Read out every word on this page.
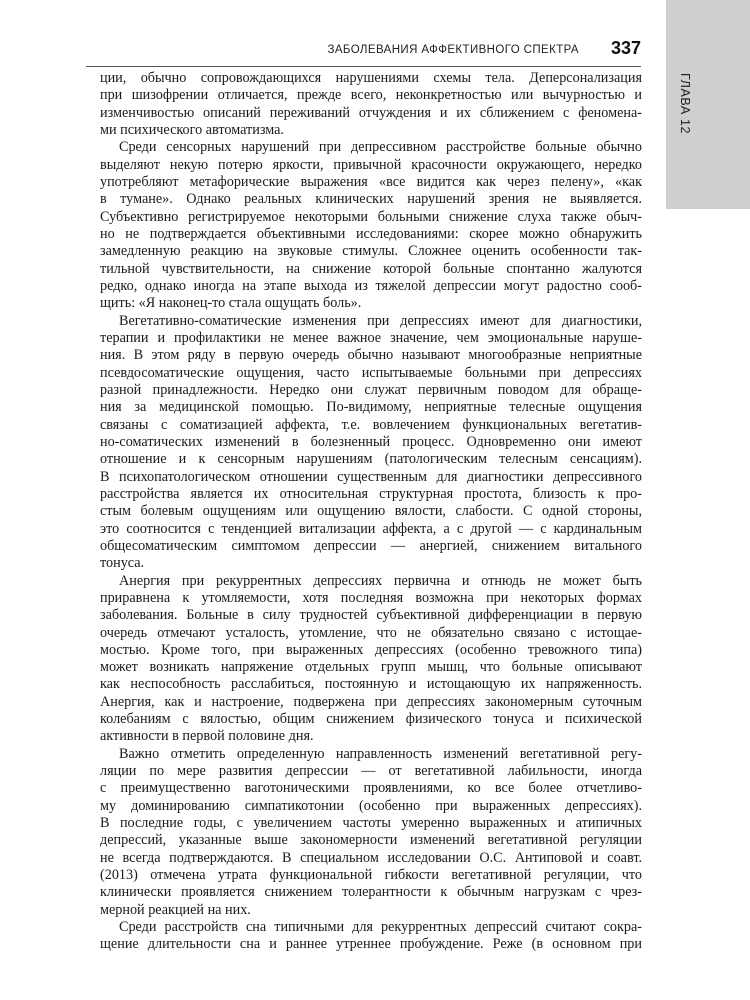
ЗАБОЛЕВАНИЯ АФФЕКТИВНОГО СПЕКТРА 337
ГЛАВА 12
ции, обычно сопровождающихся нарушениями схемы тела. Деперсонализация
при шизофрении отличается, прежде всего, неконкретностью или вычурностью и
изменчивостью описаний переживаний отчуждения и их сближением с феномена-
ми психического автоматизма.
Среди сенсорных нарушений при депрессивном расстройстве больные обычно
выделяют некую потерю яркости, привычной красочности окружающего, нередко
употребляют метафорические выражения «все видится как через пелену», «как
в тумане». Однако реальных клинических нарушений зрения не выявляется.
Субъективно регистрируемое некоторыми больными снижение слуха также обыч-
но не подтверждается объективными исследованиями: скорее можно обнаружить
замедленную реакцию на звуковые стимулы. Сложнее оценить особенности так-
тильной чувствительности, на снижение которой больные спонтанно жалуются
редко, однако иногда на этапе выхода из тяжелой депрессии могут радостно сооб-
щить: «Я наконец-то стала ощущать боль».
Вегетативно-соматические изменения при депрессиях имеют для диагностики,
терапии и профилактики не менее важное значение, чем эмоциональные наруше-
ния. В этом ряду в первую очередь обычно называют многообразные неприятные
псевдосоматические ощущения, часто испытываемые больными при депрессиях
разной принадлежности. Нередко они служат первичным поводом для обраще-
ния за медицинской помощью. По-видимому, неприятные телесные ощущения
связаны с соматизацией аффекта, т.е. вовлечением функциональных вегетатив-
но-соматических изменений в болезненный процесс. Одновременно они имеют
отношение и к сенсорным нарушениям (патологическим телесным сенсациям).
В психопатологическом отношении существенным для диагностики депрессивного
расстройства является их относительная структурная простота, близость к про-
стым болевым ощущениям или ощущению вялости, слабости. С одной стороны,
это соотносится с тенденцией витализации аффекта, а с другой — с кардинальным
общесоматическим симптомом депрессии — анергией, снижением витального
тонуса.
Анергия при рекуррентных депрессиях первична и отнюдь не может быть
приравнена к утомляемости, хотя последняя возможна при некоторых формах
заболевания. Больные в силу трудностей субъективной дифференциации в первую
очередь отмечают усталость, утомление, что не обязательно связано с истощае-
мостью. Кроме того, при выраженных депрессиях (особенно тревожного типа)
может возникать напряжение отдельных групп мышц, что больные описывают
как неспособность расслабиться, постоянную и истощающую их напряженность.
Анергия, как и настроение, подвержена при депрессиях закономерным суточным
колебаниям с вялостью, общим снижением физического тонуса и психической
активности в первой половине дня.
Важно отметить определенную направленность изменений вегетативной регу-
ляции по мере развития депрессии — от вегетативной лабильности, иногда
с преимущественно ваготоническими проявлениями, ко все более отчетливо-
му доминированию симпатикотонии (особенно при выраженных депрессиях).
В последние годы, с увеличением частоты умеренно выраженных и атипичных
депрессий, указанные выше закономерности изменений вегетативной регуляции
не всегда подтверждаются. В специальном исследовании О.С. Антиповой и соавт.
(2013) отмечена утрата функциональной гибкости вегетативной регуляции, что
клинически проявляется снижением толерантности к обычным нагрузкам с чрез-
мерной реакцией на них.
Среди расстройств сна типичными для рекуррентных депрессий считают сокра-
щение длительности сна и раннее утреннее пробуждение. Реже (в основном при
